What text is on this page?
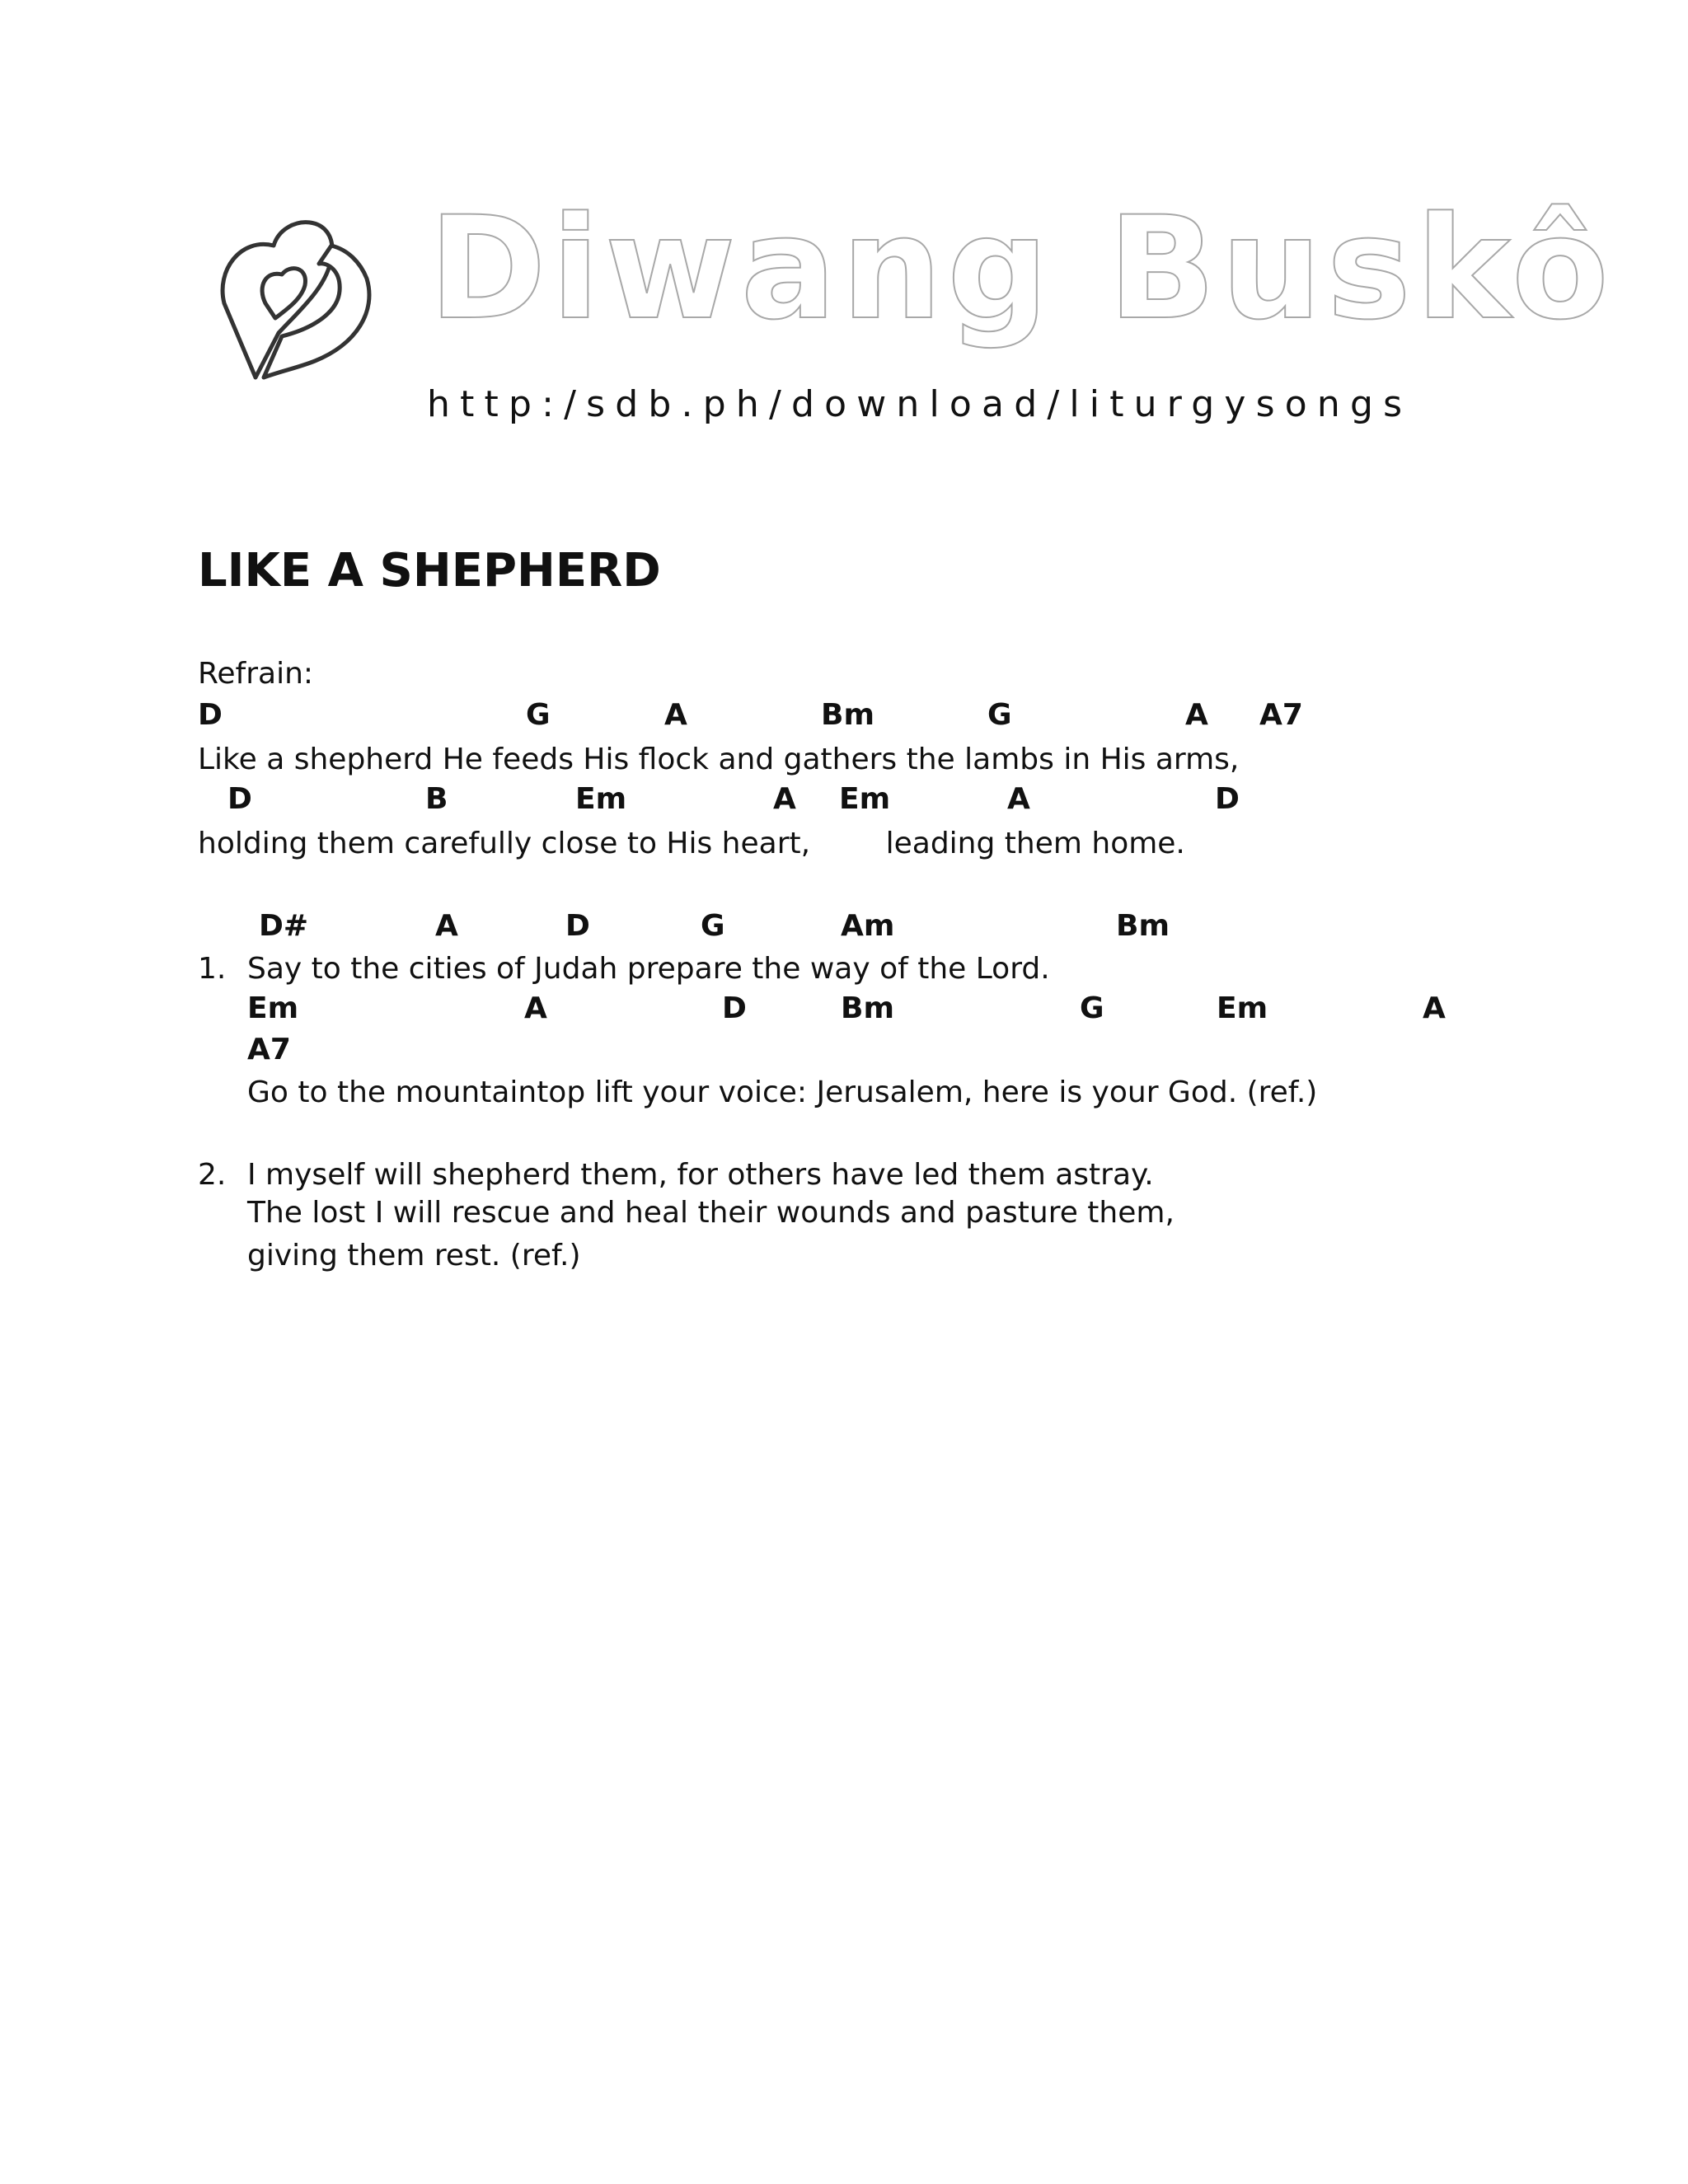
Diwang Buskô
http:/sdb.ph/download/liturgysongs
LIKE A SHEPHERD
Refrain:
D	G	A	Bm	G	A A7
Like a shepherd He feeds His flock and gathers the lambs in His arms,
D	B	Em	A Em	A	D
holding them carefully close to His heart,        leading them home.
D#	A	D	G	Am	Bm
1. Say to the cities of Judah prepare the way of the Lord.
Em	A	D	Bm	G	Em	A
A7
Go to the mountaintop lift your voice: Jerusalem, here is your God. (ref.)
2. I myself will shepherd them, for others have led them astray.
The lost I will rescue and heal their wounds and pasture them,
giving them rest. (ref.)
